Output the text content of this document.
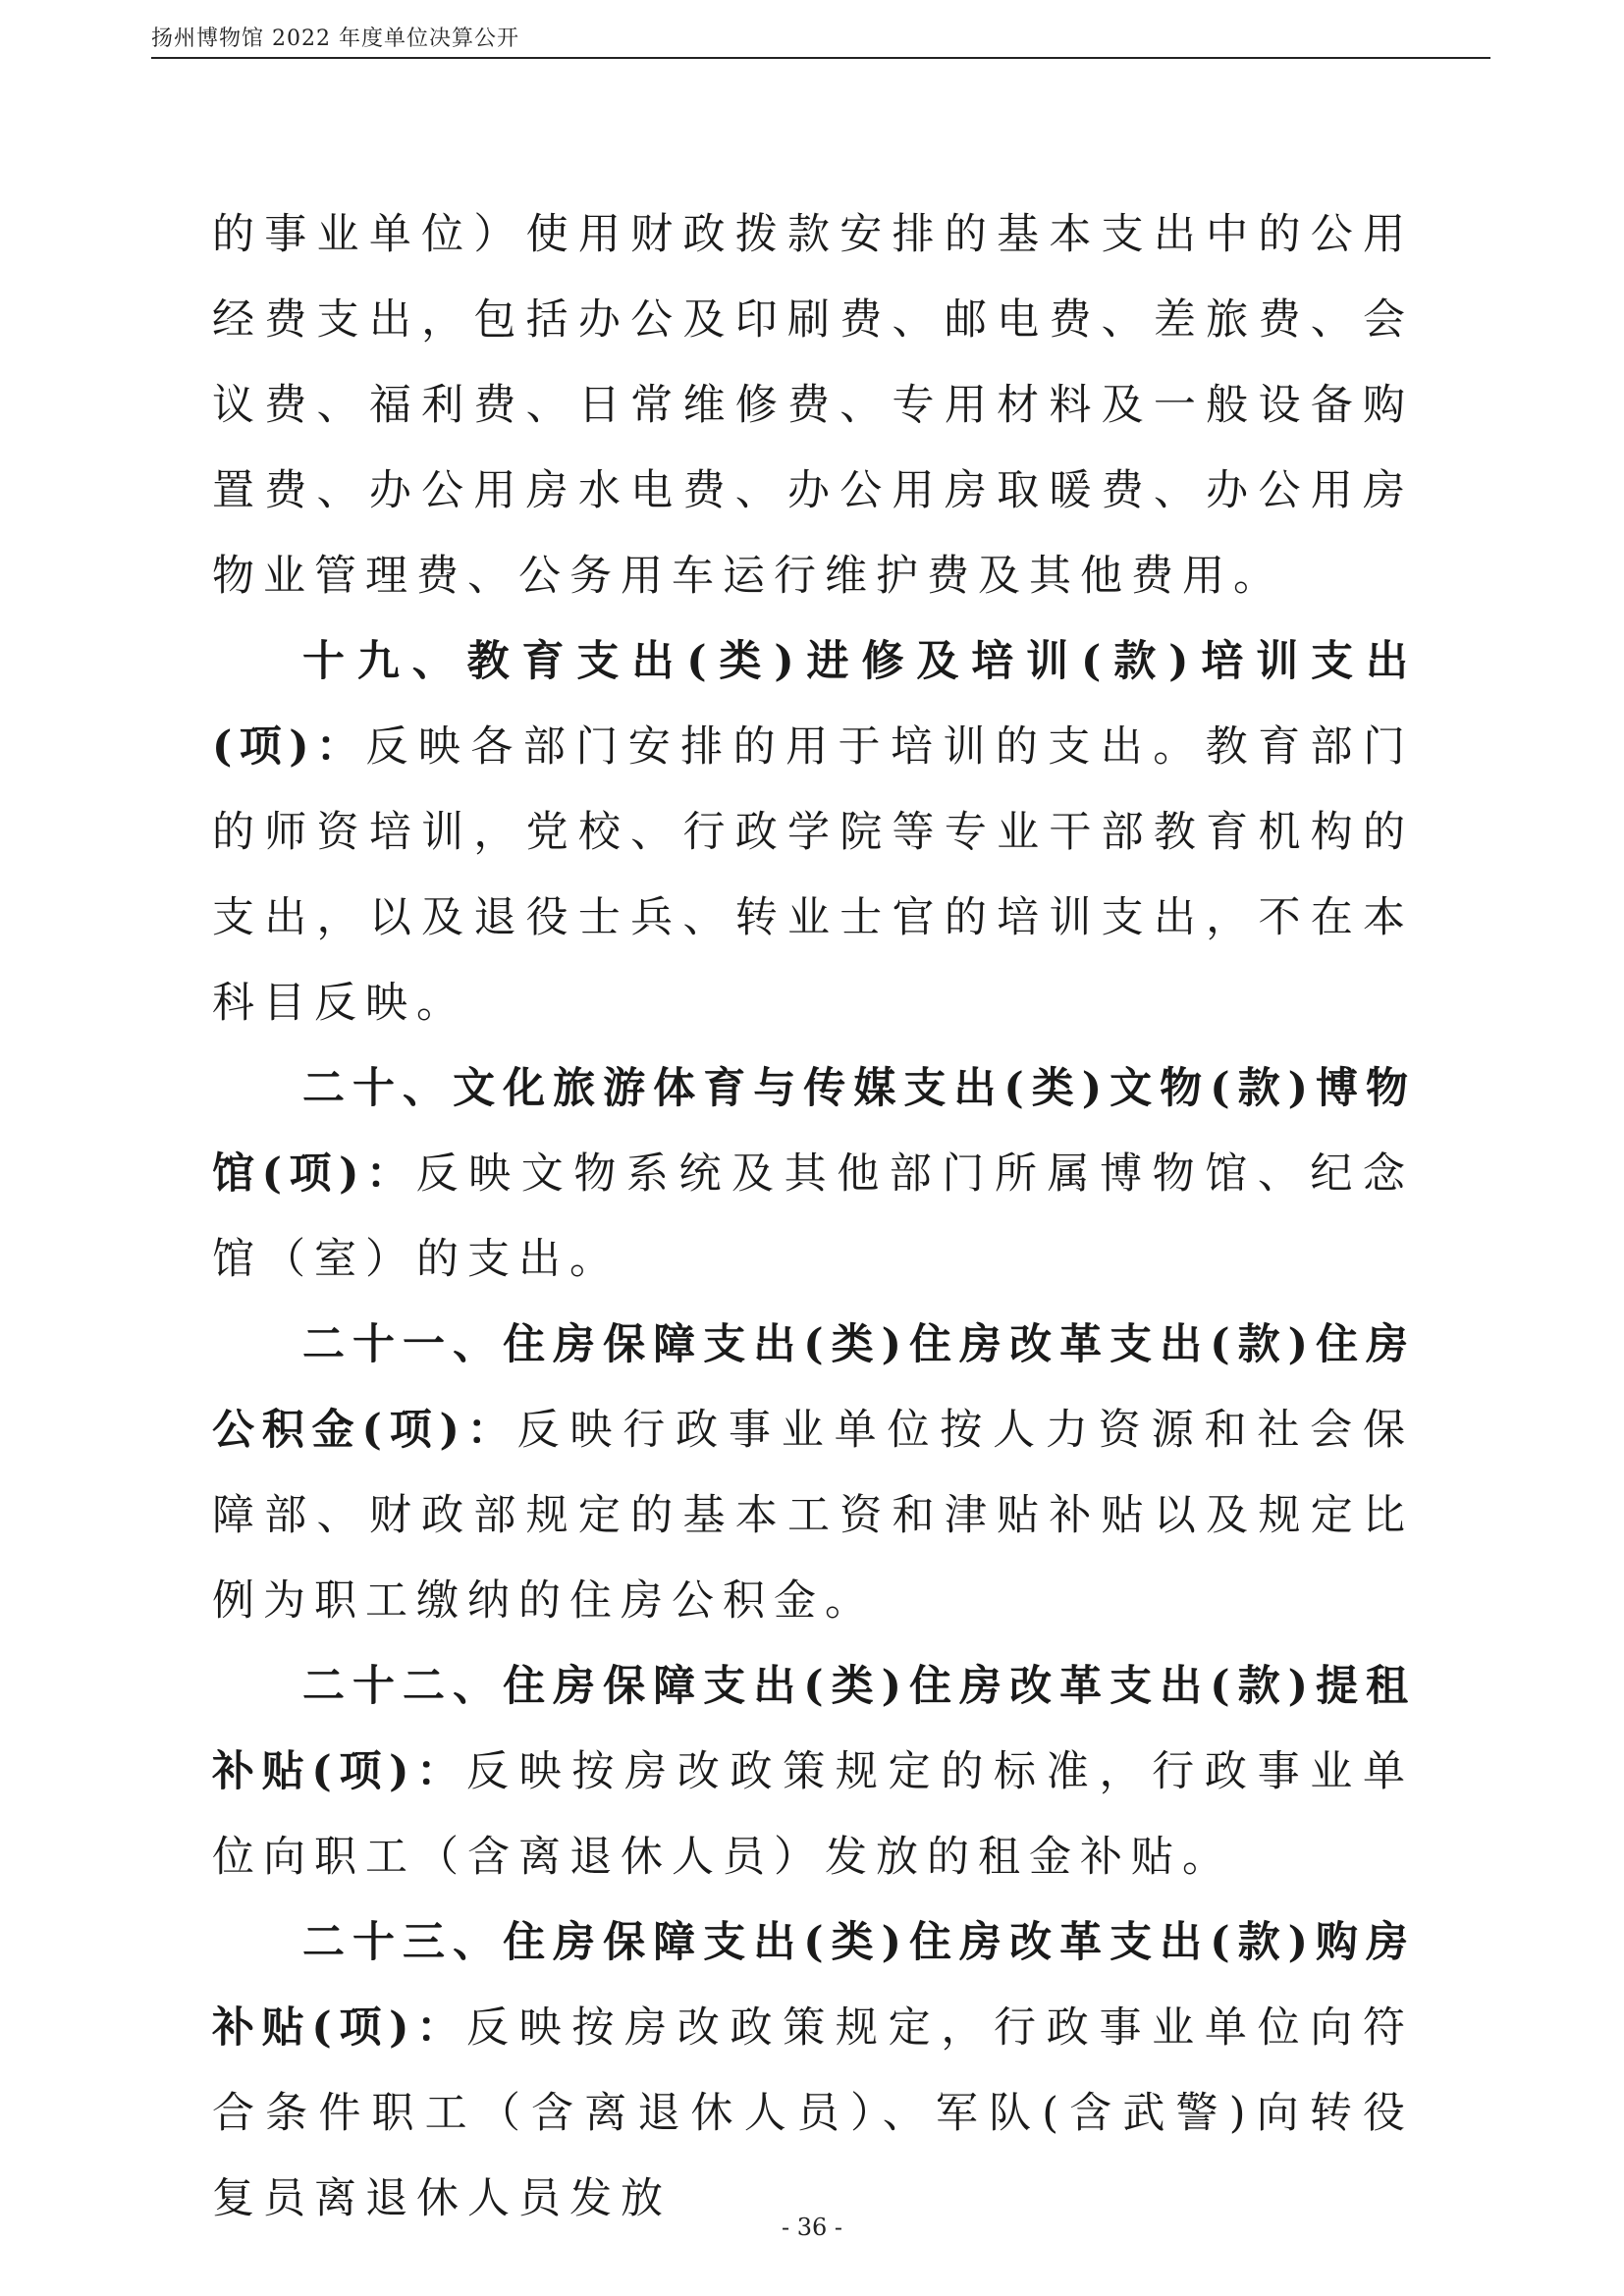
扬州博物馆 2022 年度单位决算公开

的事业单位）使用财政拨款安排的基本支出中的公用经费支出，包括办公及印刷费、邮电费、差旅费、会议费、福利费、日常维修费、专用材料及一般设备购置费、办公用房水电费、办公用房取暖费、办公用房物业管理费、公务用车运行维护费及其他费用。

十九、教育支出(类)进修及培训(款)培训支出(项)：反映各部门安排的用于培训的支出。教育部门的师资培训，党校、行政学院等专业干部教育机构的支出，以及退役士兵、转业士官的培训支出，不在本科目反映。

二十、文化旅游体育与传媒支出(类)文物(款)博物馆(项)：反映文物系统及其他部门所属博物馆、纪念馆（室）的支出。

二十一、住房保障支出(类)住房改革支出(款)住房公积金(项)：反映行政事业单位按人力资源和社会保障部、财政部规定的基本工资和津贴补贴以及规定比例为职工缴纳的住房公积金。

二十二、住房保障支出(类)住房改革支出(款)提租补贴(项)：反映按房改政策规定的标准，行政事业单位向职工（含离退休人员）发放的租金补贴。

二十三、住房保障支出(类)住房改革支出(款)购房补贴(项)：反映按房改政策规定，行政事业单位向符合条件职工（含离退休人员）、军队(含武警)向转役复员离退休人员发放

- 36 -
